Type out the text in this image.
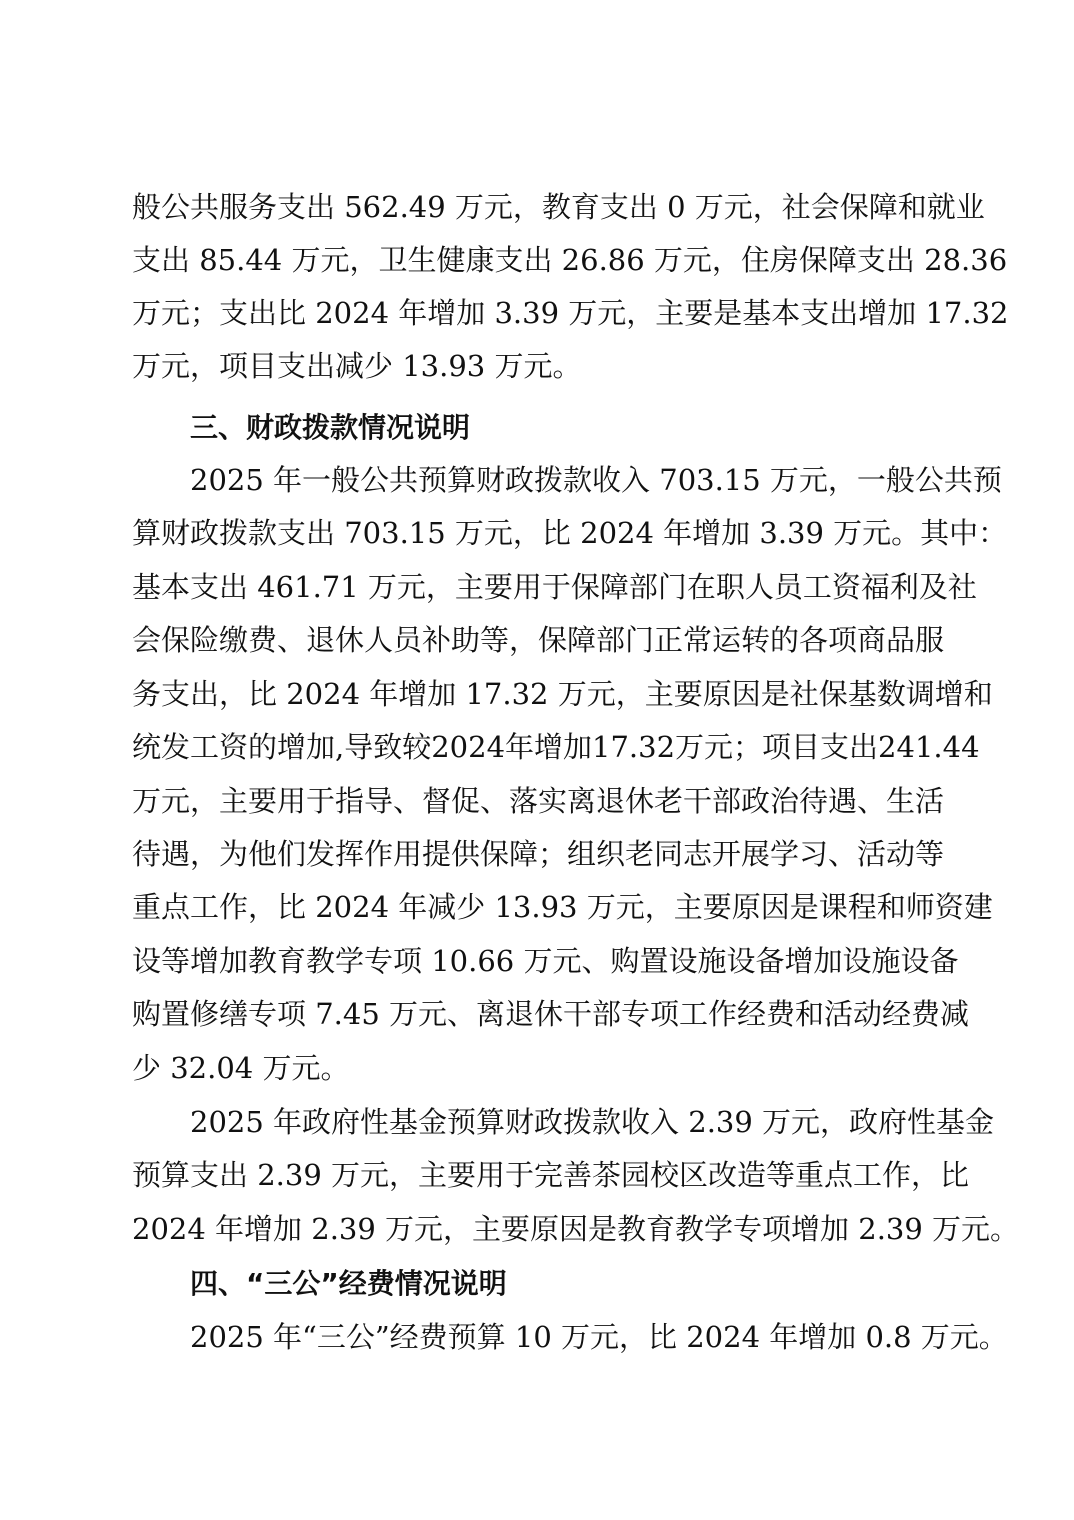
般公共服务支出 562.49 万元，教育支出 0 万元，社会保障和就业
支出 85.44 万元，卫生健康支出 26.86 万元，住房保障支出 28.36
万元；支出比 2024 年增加 3.39 万元，主要是基本支出增加 17.32
万元，项目支出减少 13.93 万元。
三、财政拨款情况说明
2025 年一般公共预算财政拨款收入 703.15 万元，一般公共预
算财政拨款支出 703.15 万元，比 2024 年增加 3.39 万元。其中：
基本支出 461.71 万元，主要用于保障部门在职人员工资福利及社
会保险缴费、退休人员补助等，保障部门正常运转的各项商品服
务支出，比 2024 年增加 17.32 万元，主要原因是社保基数调增和
统发工资的增加,导致较2024年增加17.32万元；项目支出241.44
万元，主要用于指导、督促、落实离退休老干部政治待遇、生活
待遇，为他们发挥作用提供保障；组织老同志开展学习、活动等
重点工作，比 2024 年减少 13.93 万元，主要原因是课程和师资建
设等增加教育教学专项 10.66 万元、购置设施设备增加设施设备
购置修缮专项 7.45 万元、离退休干部专项工作经费和活动经费减
少 32.04 万元。
2025 年政府性基金预算财政拨款收入 2.39 万元，政府性基金
预算支出 2.39 万元，主要用于完善茶园校区改造等重点工作，比
2024 年增加 2.39 万元，主要原因是教育教学专项增加 2.39 万元。
四、“三公”经费情况说明
2025 年“三公”经费预算 10 万元，比 2024 年增加 0.8 万元。
